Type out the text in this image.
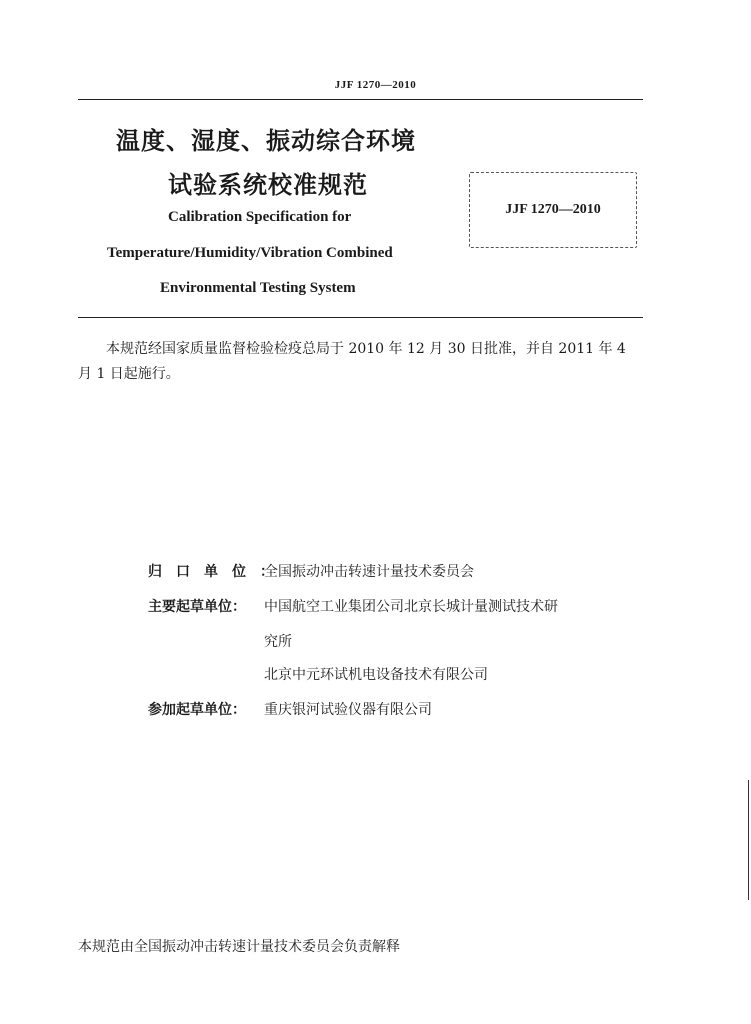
JJF 1270—2010
温度、湿度、振动综合环境
试验系统校准规范
Calibration Specification for
Temperature/Humidity/Vibration Combined
Environmental Testing System
JJF 1270—2010
本规范经国家质量监督检验检疫总局于 2010 年 12 月 30 日批准，并自 2011 年 4 月 1 日起施行。
归口单位：全国振动冲击转速计量技术委员会
主要起草单位： 中国航空工业集团公司北京长城计量测试技术研
究所
北京中元环试机电设备技术有限公司
参加起草单位： 重庆银河试验仪器有限公司
本规范由全国振动冲击转速计量技术委员会负责解释
